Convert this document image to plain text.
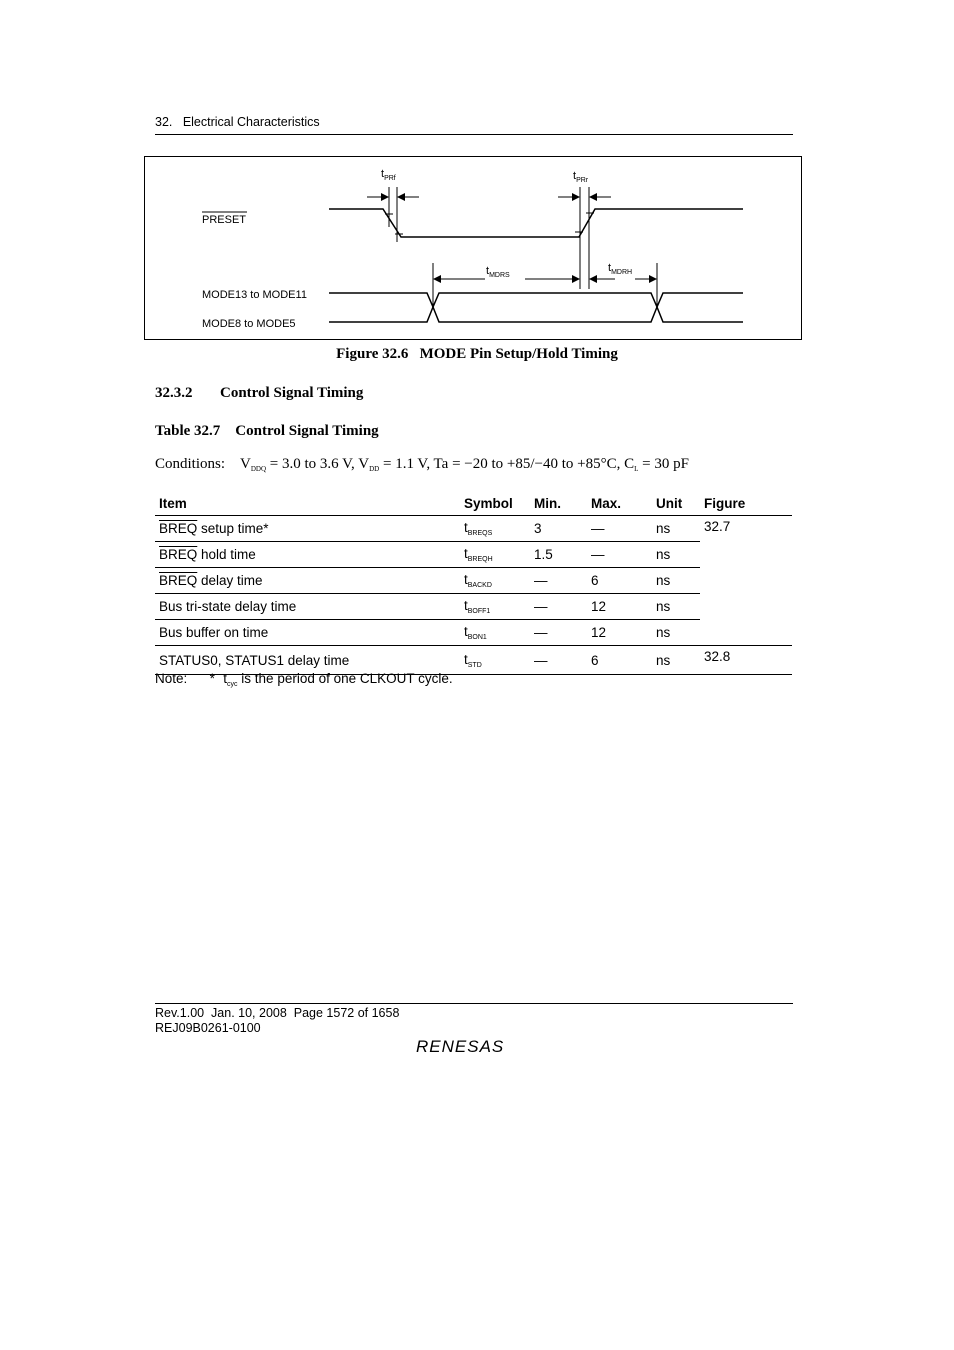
32. Electrical Characteristics
PRESET
MODE13 to MODE11
MODE8 to MODE5
$t_{PRf}$	$t_{PRr}$
$t_{MDRS}$
$t_{MDRH}$
Figure 32.6   MODE Pin Setup/Hold Timing
32.3.2 Control Signal Timing
Table 32.7    Control Signal Timing
Conditions: $V_{DDQ} = 3.0$ to 3.6 V, $V_{DD} = 1.1$ V, Ta = −20 to +85/−40 to +85°C, $C_L = 30$ pF
Item	Symbol	Min.	Max.	Unit	Figure
BREQ setup time*	$t_{BREQS}$	3	—	ns	32.7
BREQ hold time	$t_{BREQH}$	1.5	—	ns	
BREQ delay time	$t_{BACKD}$	—	6	ns	
Bus tri-state delay time	$t_{BOFF1}$	—	12	ns	
Bus buffer on time	$t_{BON1}$	—	12	ns	
STATUS0, STATUS1 delay time	$t_{STD}$	—	6	ns	32.8
Note: * $t_{cyc}$ is the period of one CLKOUT cycle.
Rev.1.00  Jan. 10, 2008  Page 1572 of 1658
REJ09B0261-0100
RENESAS
